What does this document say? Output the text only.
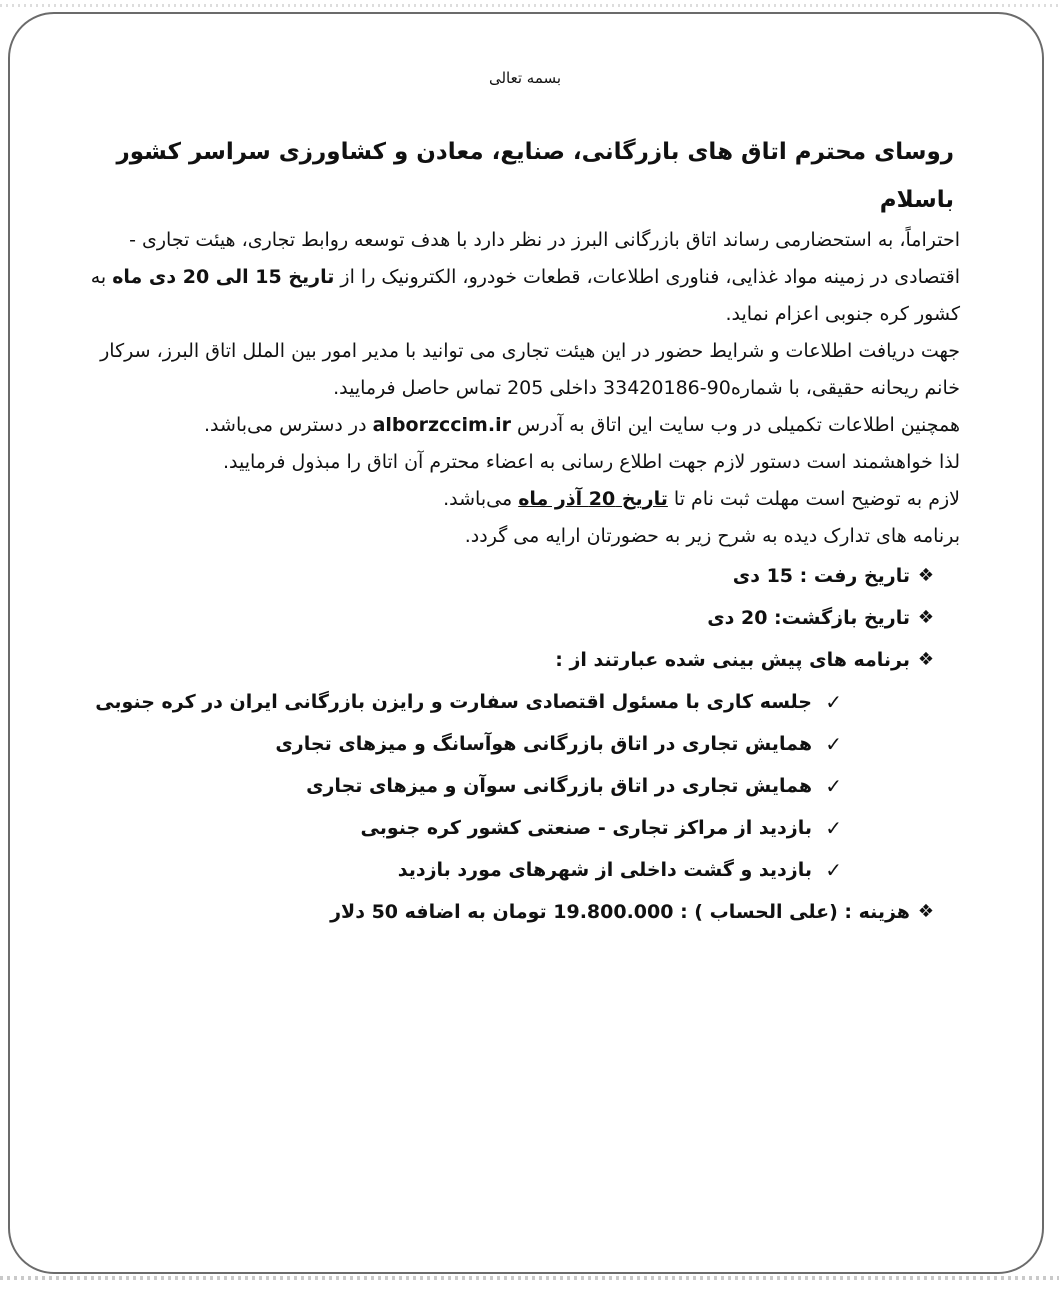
بسمه تعالی
روسای محترم اتاق های بازرگانی، صنایع، معادن و کشاورزی سراسر کشور
باسلام

احتراماً، به استحضارمی رساند اتاق بازرگانی البرز در نظر دارد با هدف توسعه روابط تجاری، هیئت تجاری - اقتصادی در زمینه مواد غذایی، فناوری اطلاعات، قطعات خودرو، الکترونیک را از تاریخ 15 الی 20 دی ماه به کشور کره جنوبی اعزام نماید.

جهت دریافت اطلاعات و شرایط حضور در این هیئت تجاری می توانید با مدیر امور بین الملل اتاق البرز، سرکار خانم ریحانه حقیقی، با شماره90-33420186 داخلی 205 تماس حاصل فرمایید.

همچنین اطلاعات تکمیلی در وب سایت این اتاق به آدرس alborzccim.ir در دسترس می‌باشد.

لذا خواهشمند است دستور لازم جهت اطلاع رسانی به اعضاء محترم آن اتاق را مبذول فرمایید.

لازم به توضیح است مهلت ثبت نام تا تاریخ 20 آذر ماه می‌باشد.

برنامه های تدارک دیده به شرح زیر به حضورتان ارایه می گردد.

❖
تاریخ رفت : 15 دی
❖
تاریخ بازگشت: 20 دی
❖
برنامه های پیش بینی شده عبارتند از :
✓
جلسه کاری با مسئول اقتصادی سفارت و رایزن بازرگانی ایران در کره جنوبی
✓
همایش تجاری در اتاق بازرگانی هوآسانگ و میزهای تجاری
✓
همایش تجاری در اتاق بازرگانی سوآن و میزهای تجاری
✓
بازدید از مراکز تجاری - صنعتی کشور کره جنوبی
✓
بازدید و گشت داخلی از شهرهای مورد بازدید
❖
هزینه : (علی الحساب ) : 19.800.000 تومان به اضافه 50 دلار
